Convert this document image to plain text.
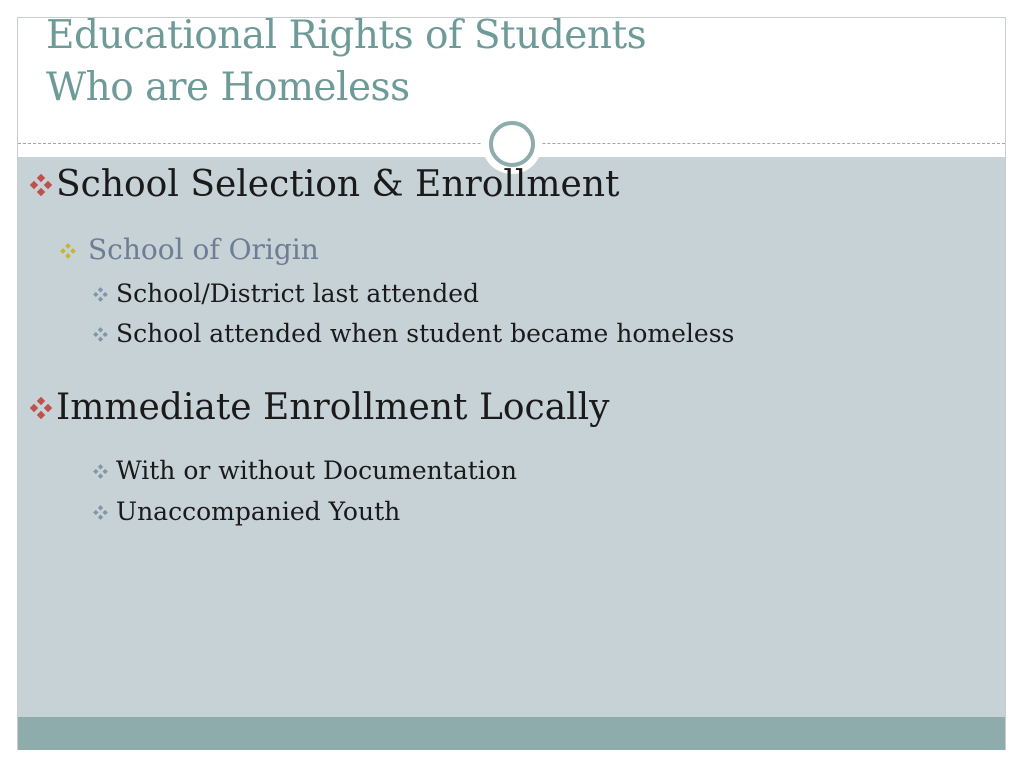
Educational Rights of Students
Who are Homeless
School Selection & Enrollment
School of Origin
School/District last attended
School attended when student became homeless
Immediate Enrollment Locally
With or without Documentation
Unaccompanied Youth
